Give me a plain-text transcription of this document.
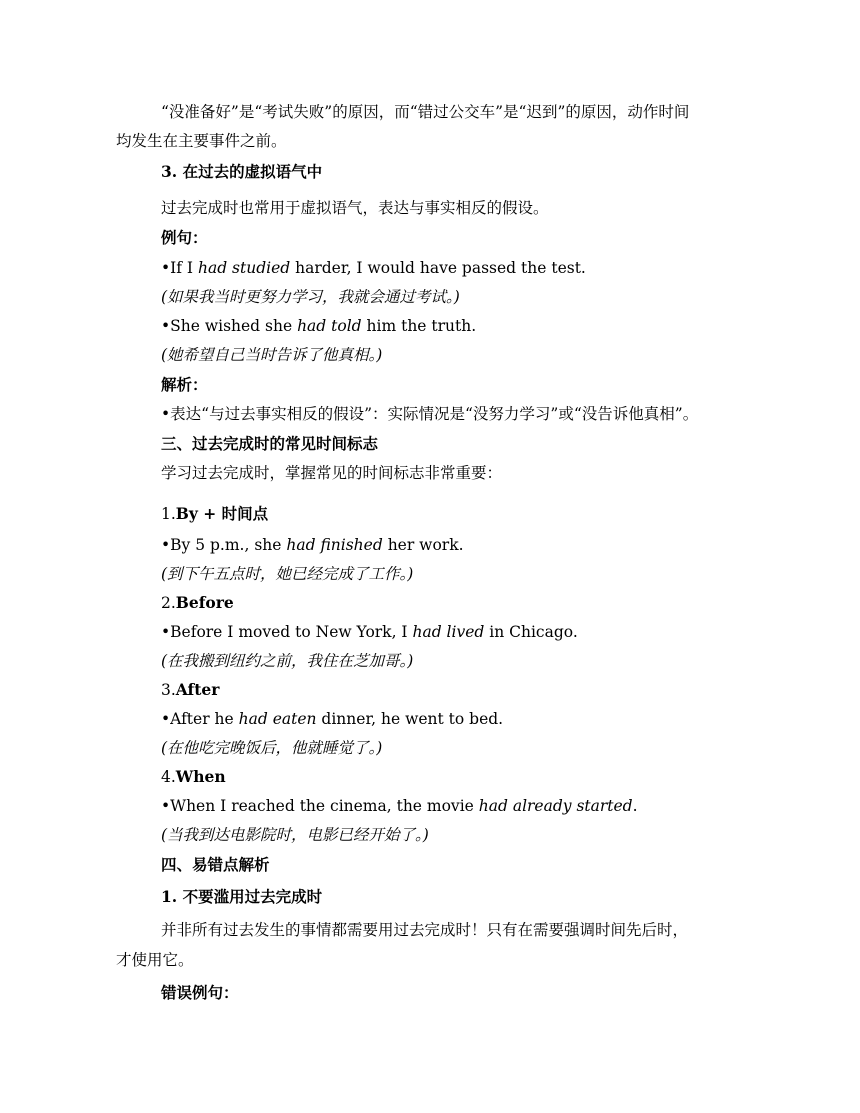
“没准备好”是“考试失败”的原因，而“错过公交车”是“迟到”的原因，动作时间
均发生在主要事件之前。
3. 在过去的虚拟语气中
过去完成时也常用于虚拟语气，表达与事实相反的假设。
例句：
•If I had studied harder, I would have passed the test.
(如果我当时更努力学习，我就会通过考试。)
•She wished she had told him the truth.
(她希望自己当时告诉了他真相。)
解析：
•表达“与过去事实相反的假设”：实际情况是“没努力学习”或“没告诉他真相”。
三、过去完成时的常见时间标志
学习过去完成时，掌握常见的时间标志非常重要：
1.By + 时间点
•By 5 p.m., she had finished her work.
(到下午五点时，她已经完成了工作。)
2.Before
•Before I moved to New York, I had lived in Chicago.
(在我搬到纽约之前，我住在芝加哥。)
3.After
•After he had eaten dinner, he went to bed.
(在他吃完晚饭后，他就睡觉了。)
4.When
•When I reached the cinema, the movie had already started.
(当我到达电影院时，电影已经开始了。)
四、易错点解析
1. 不要滥用过去完成时
并非所有过去发生的事情都需要用过去完成时！只有在需要强调时间先后时，
才使用它。
错误例句：
